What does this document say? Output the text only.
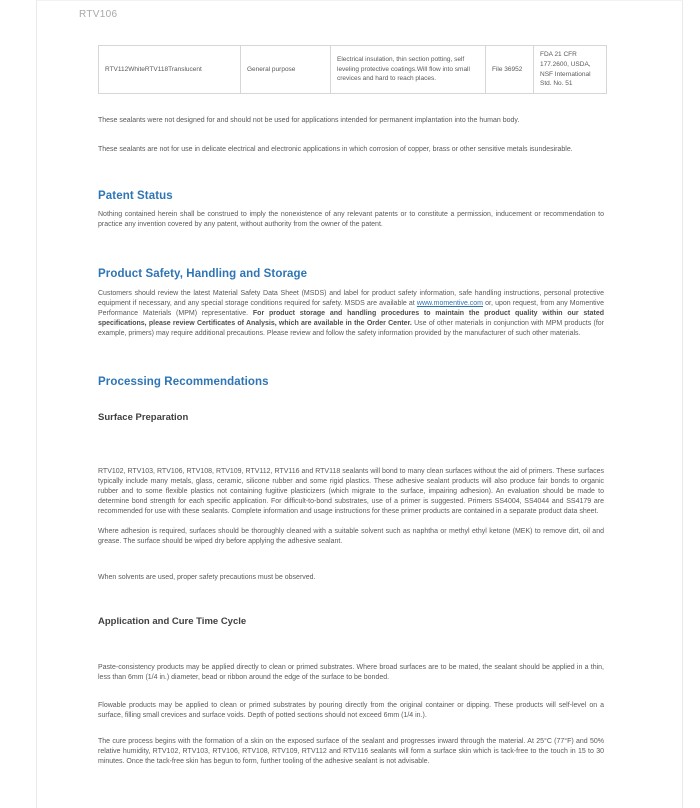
RTV106
RTV112WhiteRTV118Translucent	General purpose	Electrical insulation, thin section potting, self leveling protective coatings.Will flow into small crevices and hard to reach places.	File 36952	FDA 21 CFR 177.2600, USDA, NSF International Std. No. 51

These sealants were not designed for and should not be used for applications intended for permanent implantation into the human body.

These sealants are not for use in delicate electrical and electronic applications in which corrosion of copper, brass or other sensitive metals isundesirable.

Patent Status

Nothing contained herein shall be construed to imply the nonexistence of any relevant patents or to constitute a permission, inducement or recommendation to practice any invention covered by any patent, without authority from the owner of the patent.

Product Safety, Handling and Storage

Customers should review the latest Material Safety Data Sheet (MSDS) and label for product safety information, safe handling instructions, personal protective equipment if necessary, and any special storage conditions required for safety. MSDS are available at www.momentive.com or, upon request, from any Momentive Performance Materials (MPM) representative. For product storage and handling procedures to maintain the product quality within our stated specifications, please review Certificates of Analysis, which are available in the Order Center. Use of other materials in conjunction with MPM products (for example, primers) may require additional precautions. Please review and follow the safety information provided by the manufacturer of such other materials.

Processing Recommendations
Surface Preparation

RTV102, RTV103, RTV106, RTV108, RTV109, RTV112, RTV116 and RTV118 sealants will bond to many clean surfaces without the aid of primers. These surfaces typically include many metals, glass, ceramic, silicone rubber and some rigid plastics. These adhesive sealant products will also produce fair bonds to organic rubber and to some flexible plastics not containing fugitive plasticizers (which migrate to the surface, impairing adhesion). An evaluation should be made to determine bond strength for each specific application. For difficult-to-bond substrates, use of a primer is suggested. Primers SS4004, SS4044 and SS4179 are recommended for use with these sealants. Complete information and usage instructions for these primer products are contained in a separate product data sheet.

Where adhesion is required, surfaces should be thoroughly cleaned with a suitable solvent such as naphtha or methyl ethyl ketone (MEK) to remove dirt, oil and grease. The surface should be wiped dry before applying the adhesive sealant.

When solvents are used, proper safety precautions must be observed.

Application and Cure Time Cycle

Paste-consistency products may be applied directly to clean or primed substrates. Where broad surfaces are to be mated, the sealant should be applied in a thin, less than 6mm (1/4 in.) diameter, bead or ribbon around the edge of the surface to be bonded.

Flowable products may be applied to clean or primed substrates by pouring directly from the original container or dipping. These products will self-level on a surface, filling small crevices and surface voids. Depth of potted sections should not exceed 6mm (1/4 in.).

The cure process begins with the formation of a skin on the exposed surface of the sealant and progresses inward through the material. At 25°C (77°F) and 50% relative humidity, RTV102, RTV103, RTV106, RTV108, RTV109, RTV112 and RTV116 sealants will form a surface skin which is tack-free to the touch in 15 to 30 minutes. Once the tack-free skin has begun to form, further tooling of the adhesive sealant is not advisable.
